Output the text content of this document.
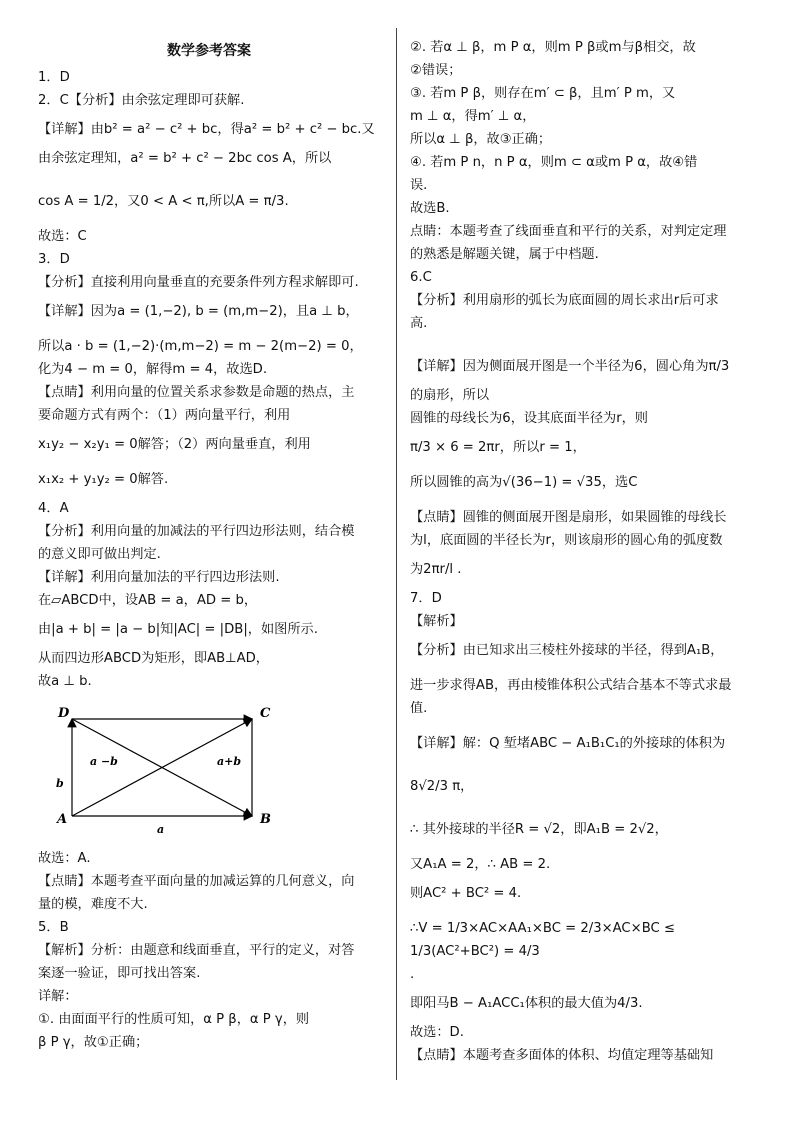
数学参考答案

1．D

2．C【分析】由余弦定理即可获解.

【详解】由b² = a² − c² + bc，得a² = b² + c² − bc.又

由余弦定理知，a² = b² + c² − 2bc cos A，所以

cos A = 1/2，又0 < A < π,所以A = π/3.

故选：C

3．D

【分析】直接利用向量垂直的充要条件列方程求解即可.

【详解】因为a = (1,−2), b = (m,m−2)，且a ⊥ b，

所以a · b = (1,−2)·(m,m−2) = m − 2(m−2) = 0，

化为4 − m = 0，解得m = 4，故选D.

【点睛】利用向量的位置关系求参数是命题的热点，主

要命题方式有两个：（1）两向量平行，利用

x₁y₂ − x₂y₁ = 0解答；（2）两向量垂直，利用

x₁x₂ + y₁y₂ = 0解答.

4．A

【分析】利用向量的加减法的平行四边形法则，结合模

的意义即可做出判定.

【详解】利用向量加法的平行四边形法则.

在▱ABCD中，设AB = a，AD = b，

由|a + b| = |a − b|知|AC| = |DB|，如图所示.

从而四边形ABCD为矩形，即AB⊥AD，

故a ⊥ b.

D	C
A	B
a −b	a+b
b
a

故选：A.

【点睛】本题考查平面向量的加减运算的几何意义，向

量的模，难度不大.

5．B

【解析】分析：由题意和线面垂直，平行的定义，对答

案逐一验证，即可找出答案.

详解：

①. 由面面平行的性质可知，α P β，α P γ，则

β P γ，故①正确；

②. 若α ⊥ β，m P α，则m P β或m与β相交，故

②错误；

③. 若m P β，则存在m′ ⊂ β，且m′ P m，又

m ⊥ α，得m′ ⊥ α，

所以α ⊥ β，故③正确；

④. 若m P n，n P α，则m ⊂ α或m P α，故④错

误.

故选B.

点睛：本题考查了线面垂直和平行的关系，对判定定理

的熟悉是解题关键，属于中档题.

6.C

【分析】利用扇形的弧长为底面圆的周长求出r后可求

高.

【详解】因为侧面展开图是一个半径为6，圆心角为π/3

的扇形，所以

圆锥的母线长为6，设其底面半径为r，则

π/3 × 6 = 2πr，所以r = 1，

所以圆锥的高为√(36−1) = √35，选C

【点睛】圆锥的侧面展开图是扇形，如果圆锥的母线长

为l，底面圆的半径长为r，则该扇形的圆心角的弧度数

为2πr/l .

7．D

【解析】

【分析】由已知求出三棱柱外接球的半径，得到A₁B，

进一步求得AB，再由棱锥体积公式结合基本不等式求最

值.

【详解】解：Q 堑堵ABC − A₁B₁C₁的外接球的体积为

8√2/3 π，

∴ 其外接球的半径R = √2，即A₁B = 2√2，

又A₁A = 2，∴ AB = 2.

则AC² + BC² = 4.

∴V = 1/3×AC×AA₁×BC = 2/3×AC×BC ≤ 1/3(AC²+BC²) = 4/3

.

即阳马B − A₁ACC₁体积的最大值为4/3.

故选：D.

【点睛】本题考查多面体的体积、均值定理等基础知
